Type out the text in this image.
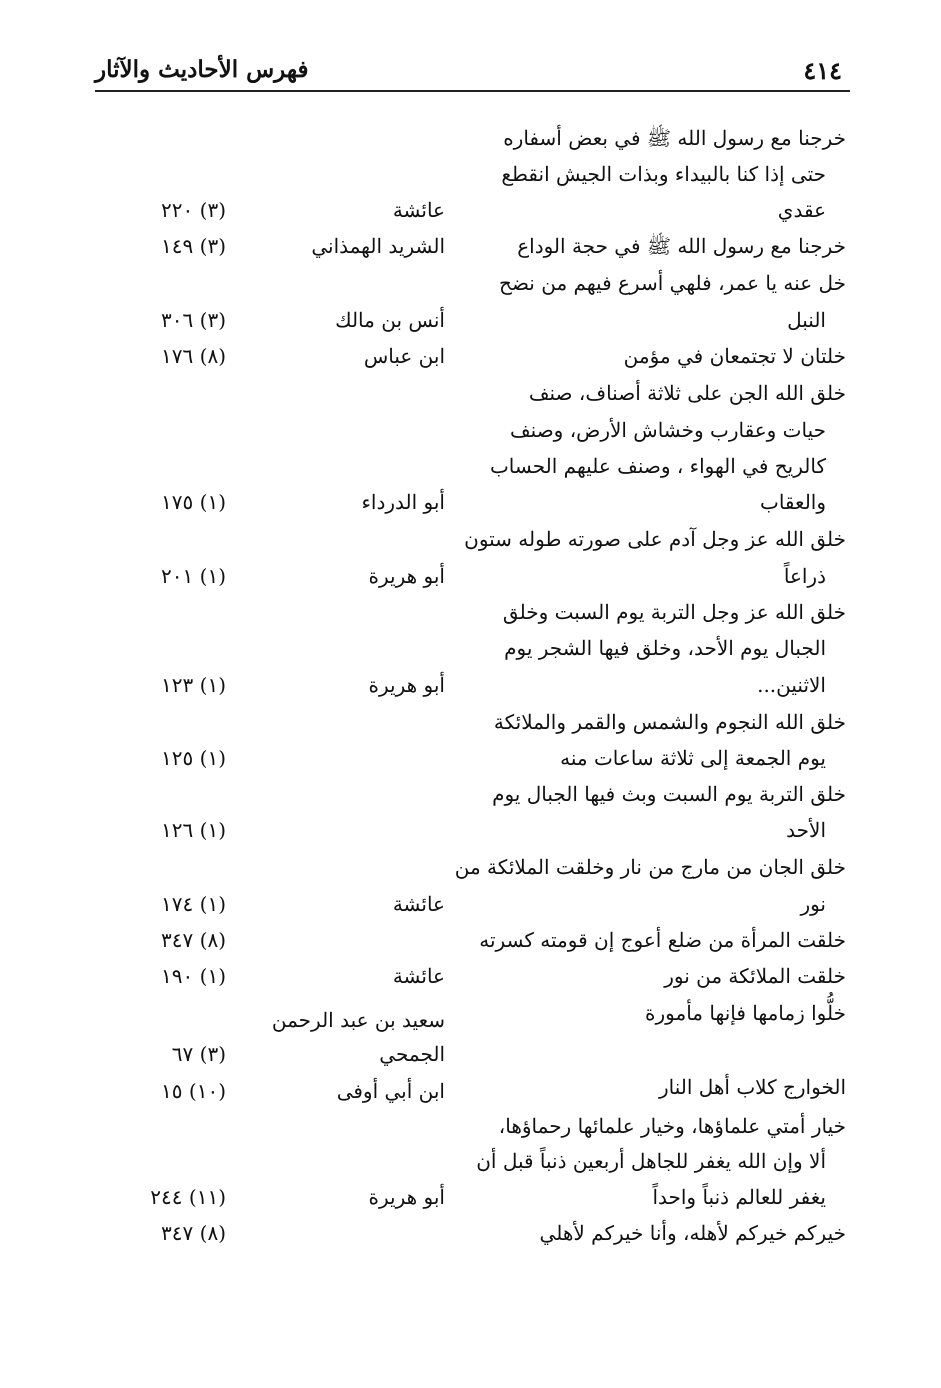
فهرس الأحاديث والآثار	٤١٤
خرجنا مع رسول الله ﷺ في بعض أسفاره
حتى إذا كنا بالبيداء وبذات الجيش انقطع
عقدي
عائشة
(٣) ٢٢٠
خرجنا مع رسول الله ﷺ في حجة الوداع
الشريد الهمذاني
(٣) ١٤٩
خل عنه يا عمر، فلهي أسرع فيهم من نضح
النبل
أنس بن مالك
(٣) ٣٠٦
خلتان لا تجتمعان في مؤمن
ابن عباس
(٨) ١٧٦
خلق الله الجن على ثلاثة أصناف، صنف
حيات وعقارب وخشاش الأرض، وصنف
كالريح في الهواء ، وصنف عليهم الحساب
والعقاب
أبو الدرداء
(١) ١٧٥
خلق الله عز وجل آدم على صورته طوله ستون
ذراعاً
أبو هريرة
(١) ٢٠١
خلق الله عز وجل التربة يوم السبت وخلق
الجبال يوم الأحد، وخلق فيها الشجر يوم
الاثنين...
أبو هريرة
(١) ١٢٣
خلق الله النجوم والشمس والقمر والملائكة
يوم الجمعة إلى ثلاثة ساعات منه
(١) ١٢٥
خلق التربة يوم السبت وبث فيها الجبال يوم
الأحد
(١) ١٢٦
خلق الجان من مارج من نار وخلقت الملائكة من
نور
عائشة
(١) ١٧٤
خلقت المرأة من ضلع أعوج إن قومته كسرته
(٨) ٣٤٧
خلقت الملائكة من نور
عائشة
(١) ١٩٠
خلُّوا زمامها فإنها مأمورة
سعيد بن عبد الرحمن
الجمحي
(٣) ٦٧
الخوارج كلاب أهل النار
ابن أبي أوفى
(١٠) ١٥
خيار أمتي علماؤها، وخيار علمائها رحماؤها،
ألا وإن الله يغفر للجاهل أربعين ذنباً قبل أن
يغفر للعالم ذنباً واحداً
أبو هريرة
(١١) ٢٤٤
خيركم خيركم لأهله، وأنا خيركم لأهلي
(٨) ٣٤٧
